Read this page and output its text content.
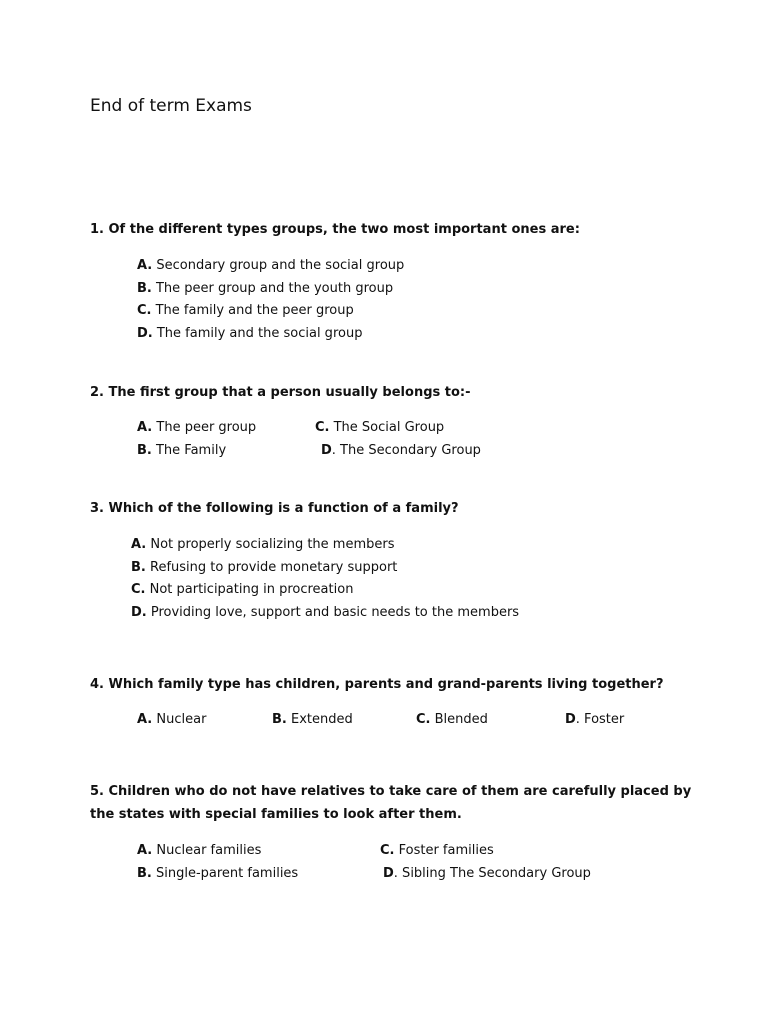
End of term Exams
1. Of the different types groups, the two most important ones are:
A. Secondary group and the social group
B. The peer group and the youth group
C. The family and the peer group
D. The family and the social group
2. The first group that a person usually belongs to:-
A. The peer group	C. The Social Group
B. The Family	D. The Secondary Group
3. Which of the following is a function of a family?
A. Not properly socializing the members
B. Refusing to provide monetary support
C. Not participating in procreation
D. Providing love, support and basic needs to the members
4. Which family type has children, parents and grand-parents living together?
A. Nuclear	B. Extended	C. Blended	D. Foster
5. Children who do not have relatives to take care of them are carefully placed by
the states with special families to look after them.
A. Nuclear families	C. Foster families
B. Single-parent families	D. Sibling The Secondary Group
